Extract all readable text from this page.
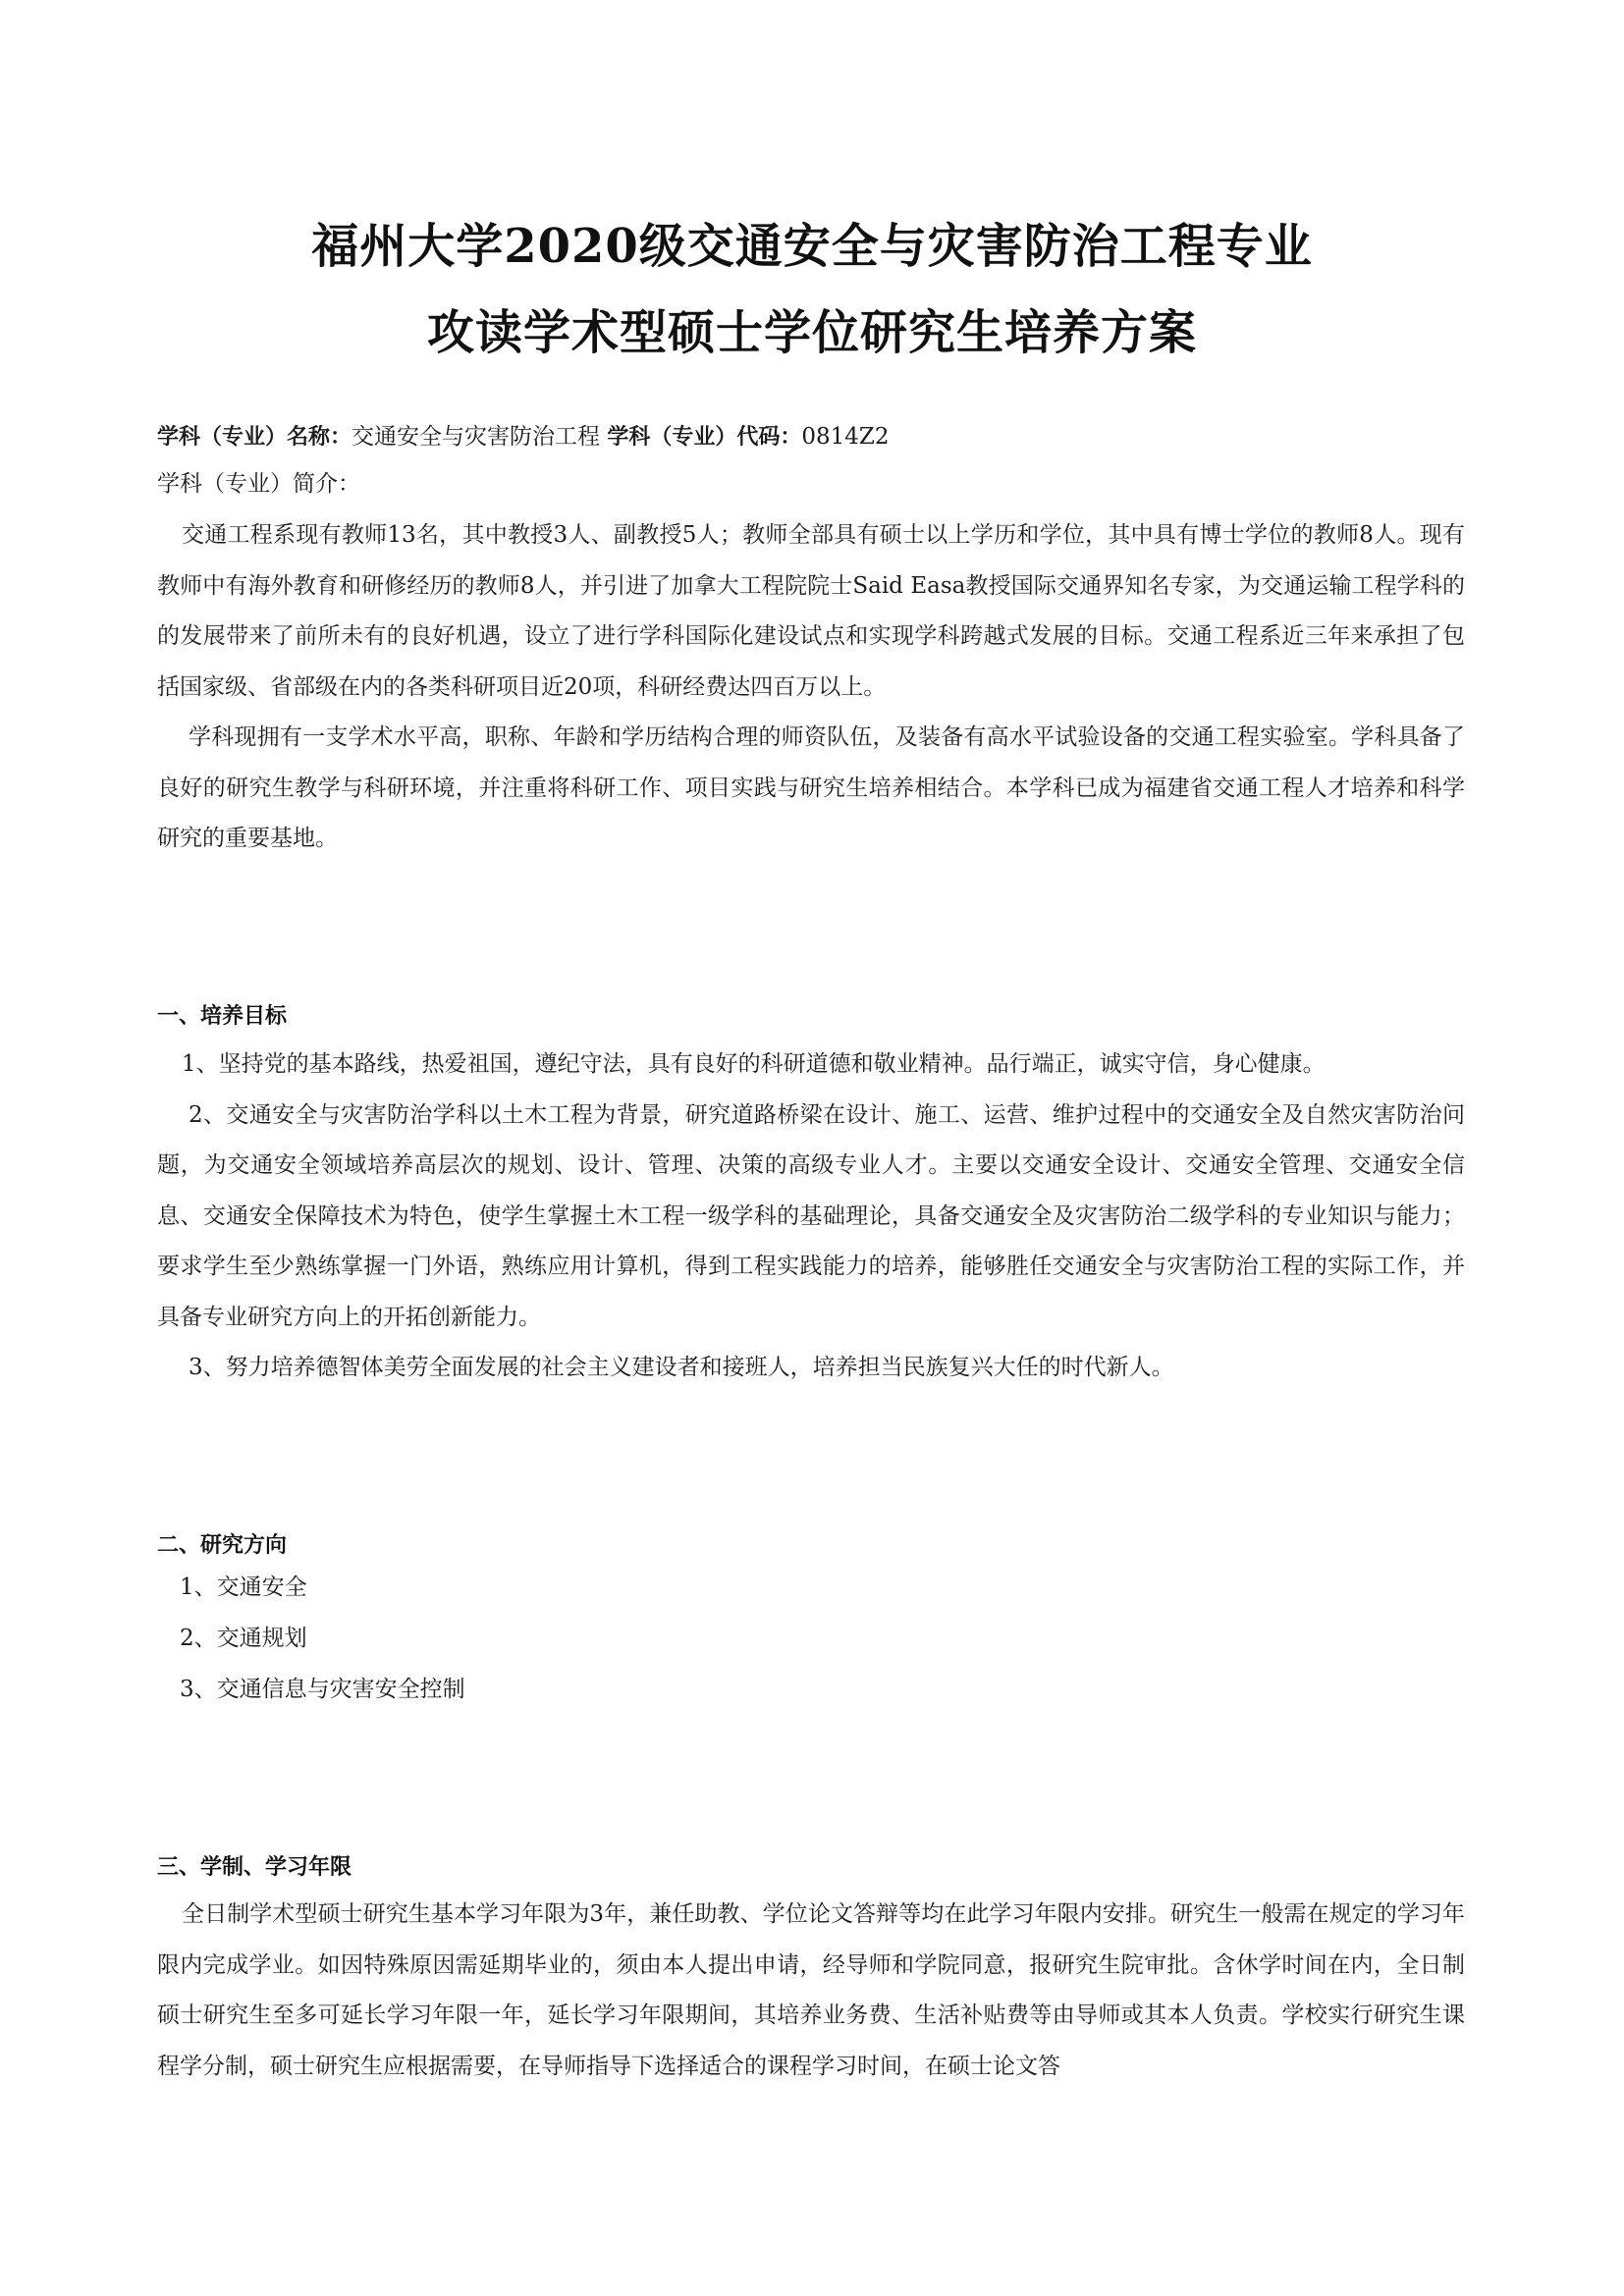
福州大学2020级交通安全与灾害防治工程专业
攻读学术型硕士学位研究生培养方案
学科（专业）名称：交通安全与灾害防治工程 学科（专业）代码：0814Z2
学科（专业）简介：

交通工程系现有教师13名，其中教授3人、副教授5人；教师全部具有硕士以上学历和学位，其中具有博士学位的教师8人。现有教师中有海外教育和研修经历的教师8人，并引进了加拿大工程院院士Said Easa教授国际交通界知名专家，为交通运输工程学科的的发展带来了前所未有的良好机遇，设立了进行学科国际化建设试点和实现学科跨越式发展的目标。交通工程系近三年来承担了包括国家级、省部级在内的各类科研项目近20项，科研经费达四百万以上。

学科现拥有一支学术水平高，职称、年龄和学历结构合理的师资队伍，及装备有高水平试验设备的交通工程实验室。学科具备了良好的研究生教学与科研环境，并注重将科研工作、项目实践与研究生培养相结合。本学科已成为福建省交通工程人才培养和科学研究的重要基地。

一、培养目标

1、坚持党的基本路线，热爱祖国，遵纪守法，具有良好的科研道德和敬业精神。品行端正，诚实守信，身心健康。

2、交通安全与灾害防治学科以土木工程为背景，研究道路桥梁在设计、施工、运营、维护过程中的交通安全及自然灾害防治问题，为交通安全领域培养高层次的规划、设计、管理、决策的高级专业人才。主要以交通安全设计、交通安全管理、交通安全信息、交通安全保障技术为特色，使学生掌握土木工程一级学科的基础理论，具备交通安全及灾害防治二级学科的专业知识与能力；要求学生至少熟练掌握一门外语，熟练应用计算机，得到工程实践能力的培养，能够胜任交通安全与灾害防治工程的实际工作，并具备专业研究方向上的开拓创新能力。

3、努力培养德智体美劳全面发展的社会主义建设者和接班人，培养担当民族复兴大任的时代新人。

二、研究方向
1、交通安全
2、交通规划
3、交通信息与灾害安全控制
三、学制、学习年限

全日制学术型硕士研究生基本学习年限为3年，兼任助教、学位论文答辩等均在此学习年限内安排。研究生一般需在规定的学习年限内完成学业。如因特殊原因需延期毕业的，须由本人提出申请，经导师和学院同意，报研究生院审批。含休学时间在内，全日制硕士研究生至多可延长学习年限一年，延长学习年限期间，其培养业务费、生活补贴费等由导师或其本人负责。学校实行研究生课程学分制，硕士研究生应根据需要，在导师指导下选择适合的课程学习时间，在硕士论文答
